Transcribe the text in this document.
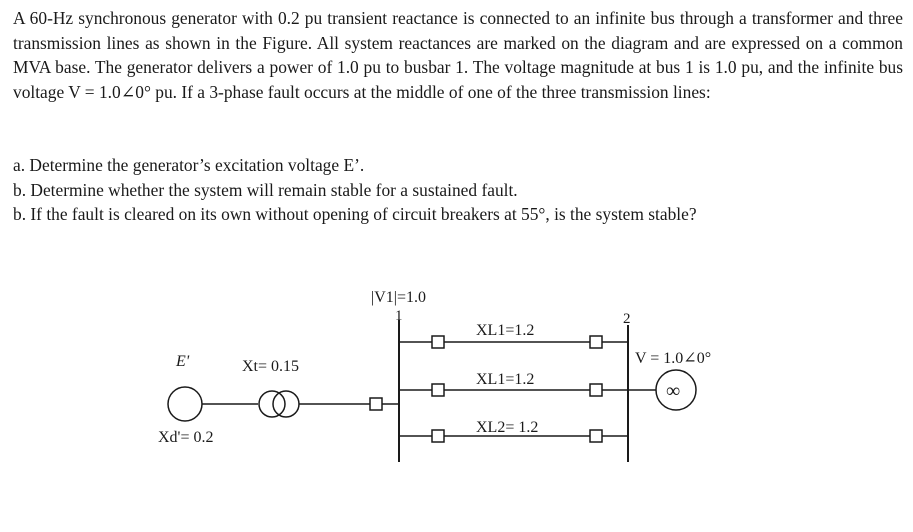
A 60-Hz synchronous generator with 0.2 pu transient reactance is connected to an infinite bus through a transformer and three transmission lines as shown in the Figure. All system reactances are marked on the diagram and are expressed on a common MVA base. The generator delivers a power of 1.0 pu to busbar 1. The voltage magnitude at bus 1 is 1.0 pu, and the infinite bus voltage V = 1.0∠0° pu. If a 3-phase fault occurs at the middle of one of the three transmission lines:

a. Determine the generator’s excitation voltage E’.
b. Determine whether the system will remain stable for a sustained fault.
b. If the fault is cleared on its own without opening of circuit breakers at 55°, is the system stable?
|V1|=1.0
1	2
E'
Xd'= 0.2
Xt= 0.15
XL1=1.2
XL1=1.2
XL2= 1.2
V = 1.0∠0°
∞
